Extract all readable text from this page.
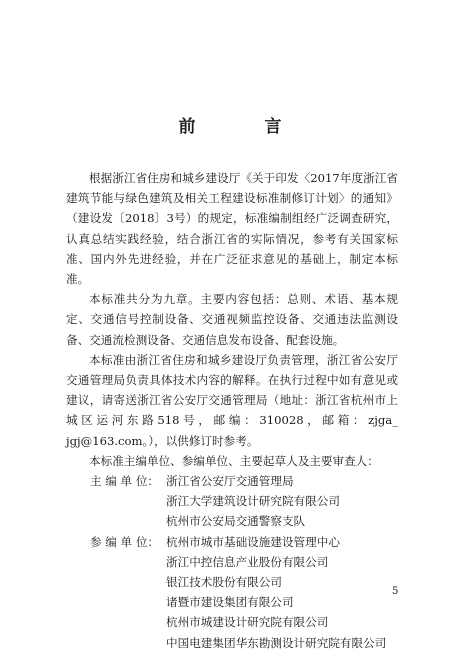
前　言

根据浙江省住房和城乡建设厅《关于印发〈2017年度浙江省建筑节能与绿色建筑及相关工程建设标准制修订计划〉的通知》（建设发〔2018〕3号）的规定，标准编制组经广泛调查研究，认真总结实践经验，结合浙江省的实际情况，参考有关国家标准、国内外先进经验，并在广泛征求意见的基础上，制定本标准。

本标准共分为九章。主要内容包括：总则、术语、基本规定、交通信号控制设备、交通视频监控设备、交通违法监测设备、交通流检测设备、交通信息发布设备、配套设施。

本标准由浙江省住房和城乡建设厅负责管理，浙江省公安厅交通管理局负责具体技术内容的解释。在执行过程中如有意见或建议，请寄送浙江省公安厅交通管理局（地址：浙江省杭州市上城区运河东路518号，邮编：310028，邮箱：zjga_ jgj@163.com。），以供修订时参考。

本标准主编单位、参编单位、主要起草人及主要审查人：

主 编 单 位： 浙江省公安厅交通管理局
浙江大学建筑设计研究院有限公司
杭州市公安局交通警察支队
参 编 单 位： 杭州市城市基础设施建设管理中心
浙江中控信息产业股份有限公司
银江技术股份有限公司
诸暨市建设集团有限公司
杭州市城建设计研究院有限公司
中国电建集团华东勘测设计研究院有限公司
5
